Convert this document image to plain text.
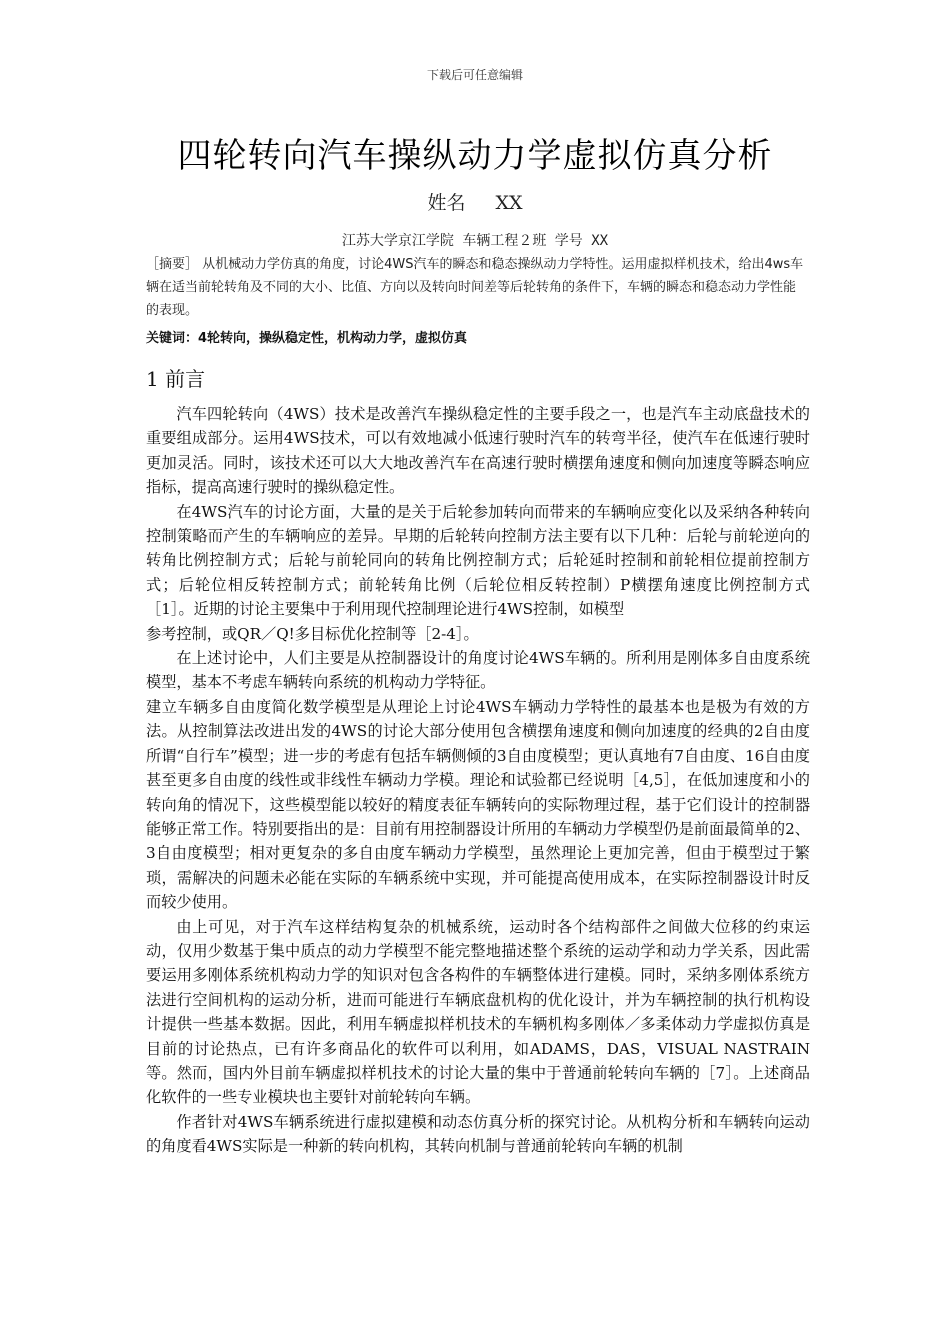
下载后可任意编辑
四轮转向汽车操纵动力学虚拟仿真分析
姓名 XX
江苏大学京江学院 车辆工程２班 学号 XX
［摘要］ 从机械动力学仿真的角度，讨论4WS汽车的瞬态和稳态操纵动力学特性。运用虚拟样机技术，给出4ws车辆在适当前轮转角及不同的大小、比值、方向以及转向时间差等后轮转角的条件下，车辆的瞬态和稳态动力学性能的表现。
关键词：4轮转向，操纵稳定性，机构动力学，虚拟仿真
1 前言

汽车四轮转向（4WS）技术是改善汽车操纵稳定性的主要手段之一，也是汽车主动底盘技术的重要组成部分。运用4WS技术，可以有效地减小低速行驶时汽车的转弯半径，使汽车在低速行驶时更加灵活。同时，该技术还可以大大地改善汽车在高速行驶时横摆角速度和侧向加速度等瞬态响应指标，提高高速行驶时的操纵稳定性。

在4WS汽车的讨论方面，大量的是关于后轮参加转向而带来的车辆响应变化以及采纳各种转向控制策略而产生的车辆响应的差异。早期的后轮转向控制方法主要有以下几种：后轮与前轮逆向的转角比例控制方式；后轮与前轮同向的转角比例控制方式；后轮延时控制和前轮相位提前控制方式；后轮位相反转控制方式；前轮转角比例（后轮位相反转控制）P横摆角速度比例控制方式［1］。近期的讨论主要集中于利用现代控制理论进行4WS控制，如模型

参考控制，或QR／Q!多目标优化控制等［2-4］。

在上述讨论中，人们主要是从控制器设计的角度讨论4WS车辆的。所利用是刚体多自由度系统模型，基本不考虑车辆转向系统的机构动力学特征。

建立车辆多自由度简化数学模型是从理论上讨论4WS车辆动力学特性的最基本也是极为有效的方法。从控制算法改进出发的4WS的讨论大部分使用包含横摆角速度和侧向加速度的经典的2自由度所谓“自行车”模型；进一步的考虑有包括车辆侧倾的3自由度模型；更认真地有7自由度、16自由度甚至更多自由度的线性或非线性车辆动力学模。理论和试验都已经说明［4,5］，在低加速度和小的转向角的情况下，这些模型能以较好的精度表征车辆转向的实际物理过程，基于它们设计的控制器能够正常工作。特别要指出的是：目前有用控制器设计所用的车辆动力学模型仍是前面最简单的2、3自由度模型；相对更复杂的多自由度车辆动力学模型，虽然理论上更加完善，但由于模型过于繁琐，需解决的问题未必能在实际的车辆系统中实现，并可能提高使用成本，在实际控制器设计时反而较少使用。

由上可见，对于汽车这样结构复杂的机械系统，运动时各个结构部件之间做大位移的约束运动，仅用少数基于集中质点的动力学模型不能完整地描述整个系统的运动学和动力学关系，因此需要运用多刚体系统机构动力学的知识对包含各构件的车辆整体进行建模。同时，采纳多刚体系统方法进行空间机构的运动分析，进而可能进行车辆底盘机构的优化设计，并为车辆控制的执行机构设计提供一些基本数据。因此，利用车辆虚拟样机技术的车辆机构多刚体／多柔体动力学虚拟仿真是目前的讨论热点，已有许多商品化的软件可以利用，如ADAMS，DAS，VISUAL NASTRAIN等。然而，国内外目前车辆虚拟样机技术的讨论大量的集中于普通前轮转向车辆的［7］。上述商品化软件的一些专业模块也主要针对前轮转向车辆。

作者针对4WS车辆系统进行虚拟建模和动态仿真分析的探究讨论。从机构分析和车辆转向运动的角度看4WS实际是一种新的转向机构，其转向机制与普通前轮转向车辆的机制
